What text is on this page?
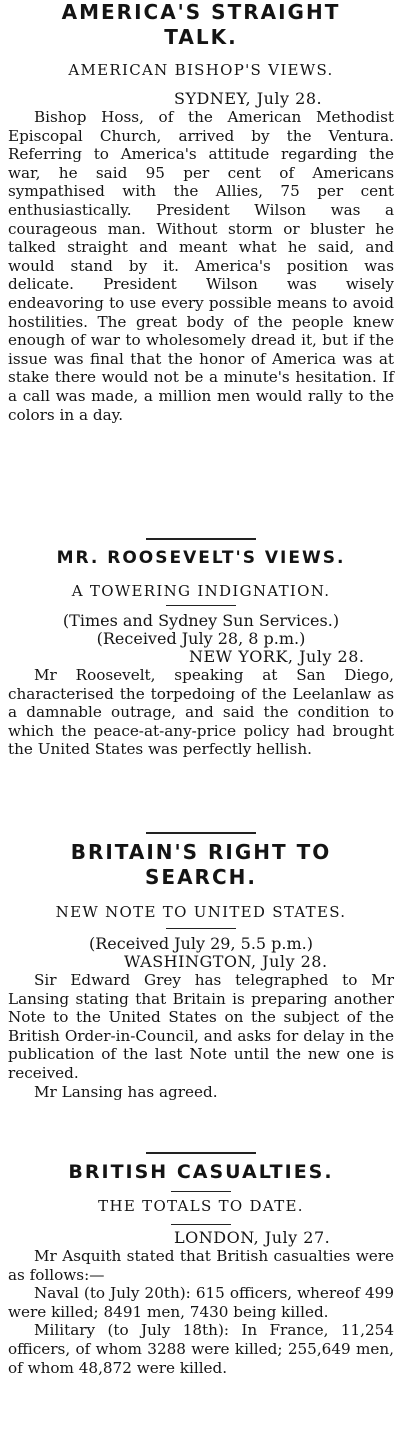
AMERICA'S STRAIGHT TALK.

AMERICAN BISHOP'S VIEWS.

SYDNEY, July 28.

Bishop Hoss, of the American Methodist Episcopal Church, arrived by the Ventura. Referring to America's attitude regarding the war, he said 95 per cent of Americans sympathised with the Allies, 75 per cent enthusiastically. President Wilson was a courageous man. Without storm or bluster he talked straight and meant what he said, and would stand by it. America's position was delicate. President Wilson was wisely endeavoring to use every possible means to avoid hostilities. The great body of the people knew enough of war to wholesomely dread it, but if the issue was final that the honor of America was at stake there would not be a minute's hesitation. If a call was made, a million men would rally to the colors in a day.

MR. ROOSEVELT'S VIEWS.

A TOWERING INDIGNATION.

(Times and Sydney Sun Services.)

(Received July 28, 8 p.m.)

NEW YORK, July 28.

Mr Roosevelt, speaking at San Diego, characterised the torpedoing of the Leelanlaw as a damnable outrage, and said the condition to which the peace-at-any-price policy had brought the United States was perfectly hellish.

BRITAIN'S RIGHT TO SEARCH.

NEW NOTE TO UNITED STATES.

(Received July 29, 5.5 p.m.)

WASHINGTON, July 28.

Sir Edward Grey has telegraphed to Mr Lansing stating that Britain is preparing another Note to the United States on the subject of the British Order-in-Council, and asks for delay in the publication of the last Note until the new one is received.

Mr Lansing has agreed.

BRITISH CASUALTIES.

THE TOTALS TO DATE.

LONDON, July 27.

Mr Asquith stated that British casualties were as follows:—

Naval (to July 20th): 615 officers, whereof 499 were killed; 8491 men, 7430 being killed.

Military (to July 18th): In France, 11,254 officers, of whom 3288 were killed; 255,649 men, of whom 48,872 were killed.
